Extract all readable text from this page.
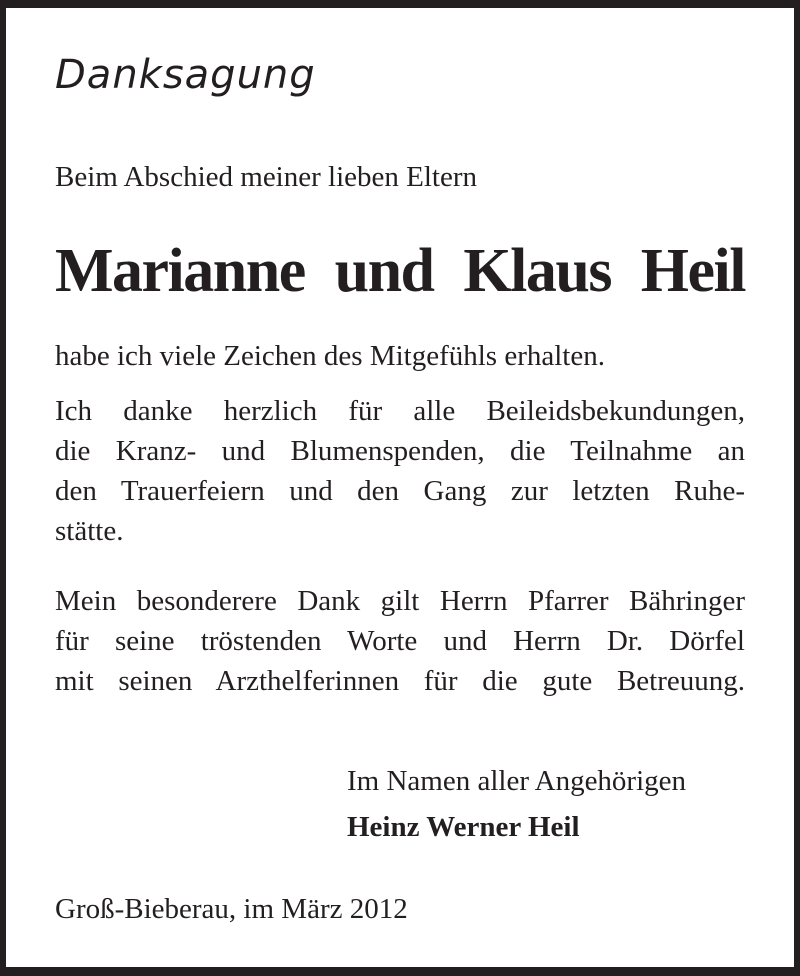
Danksagung
Beim Abschied meiner lieben Eltern
Marianne und Klaus Heil
habe ich viele Zeichen des Mitgefühls erhalten.
Ich danke herzlich für alle Beileidsbekundungen,
die Kranz- und Blumenspenden, die Teilnahme an
den Trauerfeiern und den Gang zur letzten Ruhe-
stätte.
Mein besonderere Dank gilt Herrn Pfarrer Bähringer
für seine tröstenden Worte und Herrn Dr. Dörfel
mit seinen Arzthelferinnen für die gute Betreuung.
Im Namen aller Angehörigen
Heinz Werner Heil
Groß-Bieberau, im März 2012
